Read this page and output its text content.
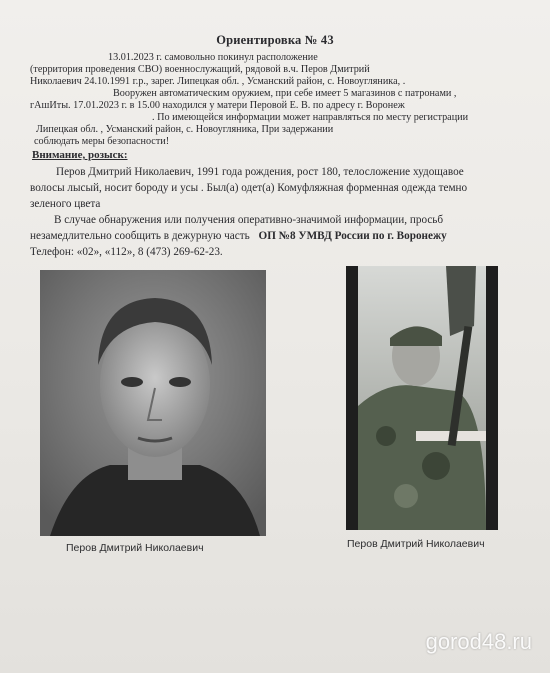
Ориентировка № 43
13.01.2023 г. самовольно покинул расположение
(территория проведения СВО) военнослужащий, рядовой в.ч. Перов Дмитрий
Николаевич 24.10.1991 г.р., зарег. Липецкая обл. , Усманский район, с. Новоугляника, .
Вооружен автоматическим оружием, при себе имеет 5 магазинов с патронами ,
гАшИты. 17.01.2023 г. в 15.00 находился у матери Перовой Е. В. по адресу г. Воронеж
. По имеющейся информации может направляться по месту регистрации
Липецкая обл. , Усманский район, с. Новоугляника, При задержании
соблюдать меры безопасности!
Внимание, розыск:
Перов Дмитрий Николаевич, 1991 года рождения, рост 180, телосложение худощавое
волосы лысый, носит бороду и усы . Был(а) одет(а) Комуфляжная форменная одежда темно
зеленого цвета
В случае обнаружения или получения оперативно-значимой информации, просьб
незамедлительно сообщить в дежурную часть ОП №8 УМВД России по г. Воронежу
Телефон: «02», «112», 8 (473) 269-62-23.
Перов Дмитрий Николаевич	Перов Дмитрий Николаевич
gorod48.ru
